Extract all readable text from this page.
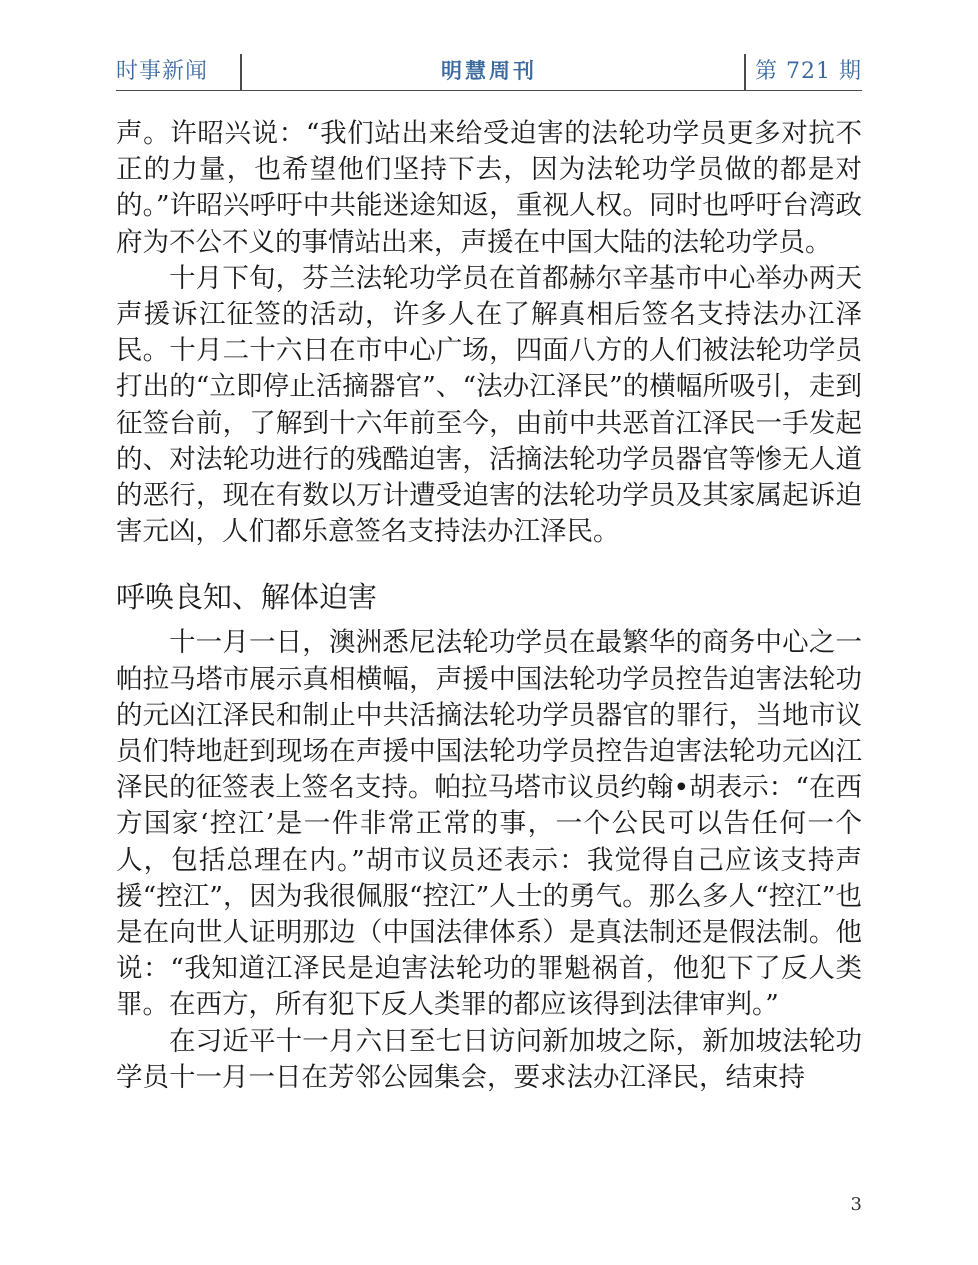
时事新闻	明慧周刊	第 721 期

声。许昭兴说：“我们站出来给受迫害的法轮功学员更多对抗不正的力量，也希望他们坚持下去，因为法轮功学员做的都是对的。”许昭兴呼吁中共能迷途知返，重视人权。同时也呼吁台湾政府为不公不义的事情站出来，声援在中国大陆的法轮功学员。

十月下旬，芬兰法轮功学员在首都赫尔辛基市中心举办两天声援诉江征签的活动，许多人在了解真相后签名支持法办江泽民。十月二十六日在市中心广场，四面八方的人们被法轮功学员打出的“立即停止活摘器官”、“法办江泽民”的横幅所吸引，走到征签台前，了解到十六年前至今，由前中共恶首江泽民一手发起的、对法轮功进行的残酷迫害，活摘法轮功学员器官等惨无人道的恶行，现在有数以万计遭受迫害的法轮功学员及其家属起诉迫害元凶，人们都乐意签名支持法办江泽民。

呼唤良知、解体迫害

十一月一日，澳洲悉尼法轮功学员在最繁华的商务中心之一帕拉马塔市展示真相横幅，声援中国法轮功学员控告迫害法轮功的元凶江泽民和制止中共活摘法轮功学员器官的罪行，当地市议员们特地赶到现场在声援中国法轮功学员控告迫害法轮功元凶江泽民的征签表上签名支持。帕拉马塔市议员约翰•胡表示：“在西方国家‘控江’是一件非常正常的事，一个公民可以告任何一个人，包括总理在内。”胡市议员还表示：我觉得自己应该支持声援“控江”，因为我很佩服“控江”人士的勇气。那么多人“控江”也是在向世人证明那边（中国法律体系）是真法制还是假法制。他说：“我知道江泽民是迫害法轮功的罪魁祸首，他犯下了反人类罪。在西方，所有犯下反人类罪的都应该得到法律审判。”

在习近平十一月六日至七日访问新加坡之际，新加坡法轮功学员十一月一日在芳邻公园集会，要求法办江泽民，结束持

3
